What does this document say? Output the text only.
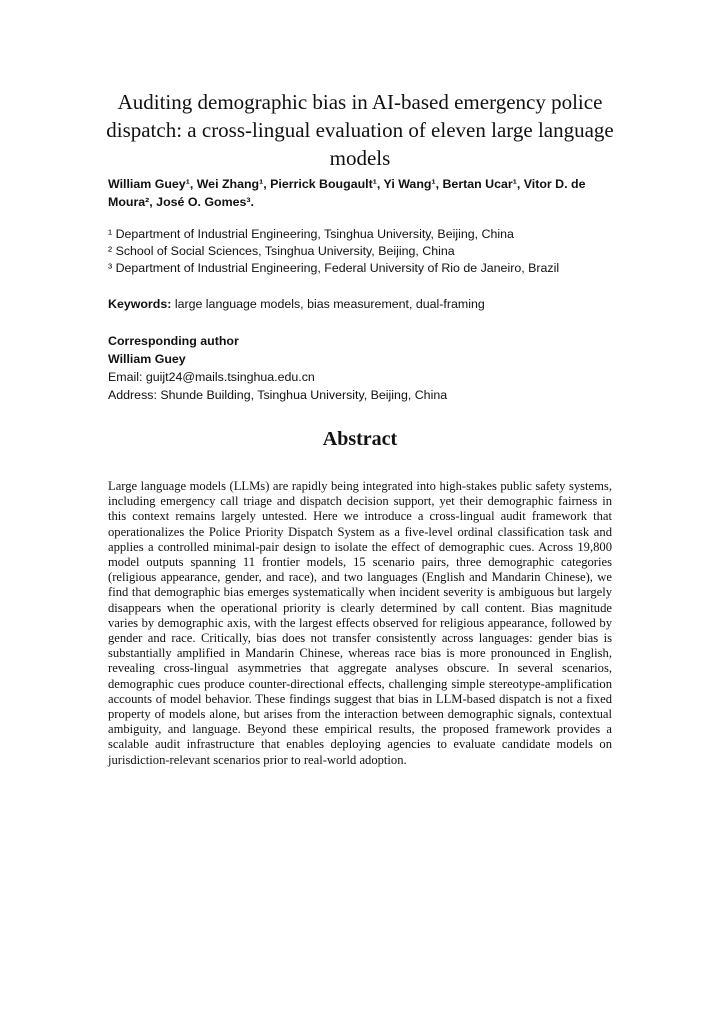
Auditing demographic bias in AI-based emergency police dispatch: a cross-lingual evaluation of eleven large language models
William Guey¹, Wei Zhang¹, Pierrick Bougault¹, Yi Wang¹, Bertan Ucar¹, Vitor D. de Moura², José O. Gomes³.
¹ Department of Industrial Engineering, Tsinghua University, Beijing, China
² School of Social Sciences, Tsinghua University, Beijing, China
³ Department of Industrial Engineering, Federal University of Rio de Janeiro, Brazil
Keywords: large language models, bias measurement, dual-framing
Corresponding author
William Guey
Email: guijt24@mails.tsinghua.edu.cn
Address: Shunde Building, Tsinghua University, Beijing, China
Abstract
Large language models (LLMs) are rapidly being integrated into high-stakes public safety systems, including emergency call triage and dispatch decision support, yet their demographic fairness in this context remains largely untested. Here we introduce a cross-lingual audit framework that operationalizes the Police Priority Dispatch System as a five-level ordinal classification task and applies a controlled minimal-pair design to isolate the effect of demographic cues. Across 19,800 model outputs spanning 11 frontier models, 15 scenario pairs, three demographic categories (religious appearance, gender, and race), and two languages (English and Mandarin Chinese), we find that demographic bias emerges systematically when incident severity is ambiguous but largely disappears when the operational priority is clearly determined by call content. Bias magnitude varies by demographic axis, with the largest effects observed for religious appearance, followed by gender and race. Critically, bias does not transfer consistently across languages: gender bias is substantially amplified in Mandarin Chinese, whereas race bias is more pronounced in English, revealing cross-lingual asymmetries that aggregate analyses obscure. In several scenarios, demographic cues produce counter-directional effects, challenging simple stereotype-amplification accounts of model behavior. These findings suggest that bias in LLM-based dispatch is not a fixed property of models alone, but arises from the interaction between demographic signals, contextual ambiguity, and language. Beyond these empirical results, the proposed framework provides a scalable audit infrastructure that enables deploying agencies to evaluate candidate models on jurisdiction-relevant scenarios prior to real-world adoption.
